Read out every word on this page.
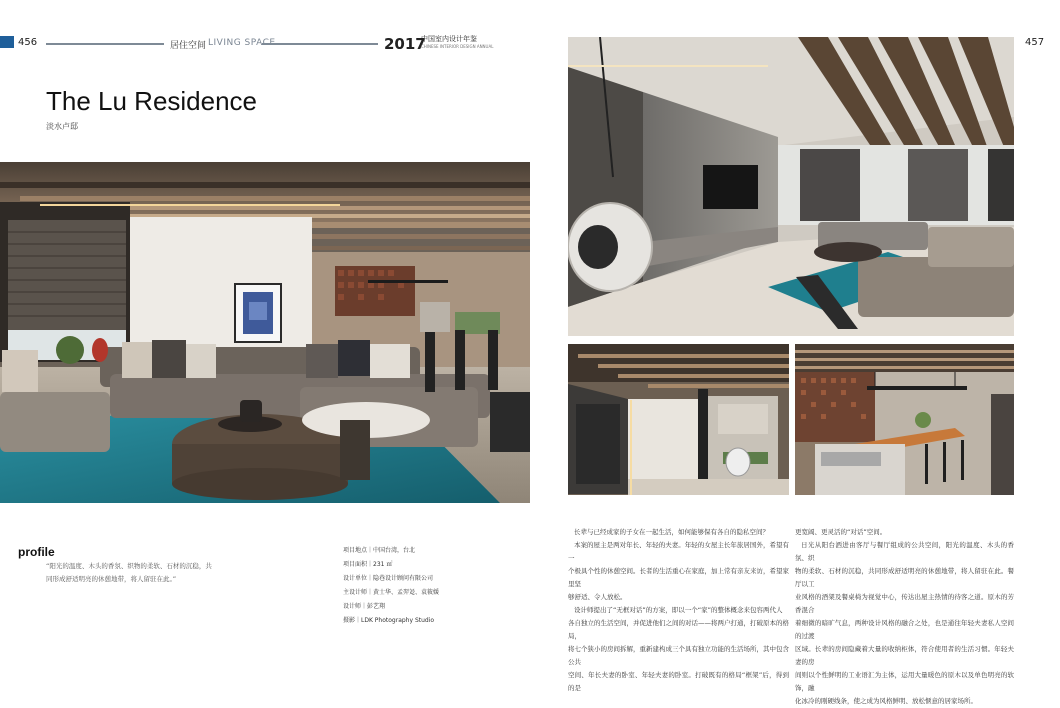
456	居住空间 LIVING SPACE	2017
中国室内设计年鉴
CHINESE INTERIOR DESIGN ANNUAL	457
The Lu Residence
淡水卢邸
profile
“阳光的温度、木头的香氛、织物的柔软、石材的沉稳，共
同形成舒适明亮的休憩地带，将人留驻在此。”
项目地点｜中国台湾，台北
项目面积｜231 ㎡
设计单位｜隐巷设计顾问有限公司
主设计师｜黄士华、孟羿彣、袁筱媛
设计师｜彭艺翔
摄影｜LDK Photography Studio
长辈与已经成家的子女在一起生活，如何能够保有各自的隐私空间？
本案的屋主是两对年长、年轻的夫妻。年轻的女屋主长年旅居国外，希望有一
个极具个性的休憩空间。长者的生活重心在家庭，加上常有亲友来访，希望家里坚
够舒适、令人放松。
设计师提出了“无框对话”的方案，即以一个“家”的整体概念来包容两代人
各自独立的生活空间，并促进他们之间的对话——将两户打通，打破原本的格局，
将七个狭小的房间拆解，重新建构成三个具有独立功能的生活场所，其中包含公共
空间、年长夫妻的卧室、年轻夫妻的卧室。打破既有的格局“框架”后，得到的是
更宽阔、更灵活的“对话”空间。
日光从阳台洒进由客厅与餐厅组成的公共空间，阳光的温度、木头的香氛、织
物的柔软、石材的沉稳，共同形成舒适明亮的休憩地带，将人留驻在此。餐厅以工
业风格的酒架及餐桌椅为视觉中心，传达出屋主热情的待客之道。原木的芳香混合
着细微的暗旷气息，两种设计风格的融合之处，也是通往年轻夫妻私人空间的过渡
区域。长辈的房间隐藏着大量的收纳柜体，符合使用者的生活习惯。年轻夫妻的房
间则以个性鲜明的工业语汇为主体，运用大量暖色的原木以及单色明亮的软饰，融
化冰冷的刚硬线条，使之成为风格鲜明、放松惬意的居家场所。
